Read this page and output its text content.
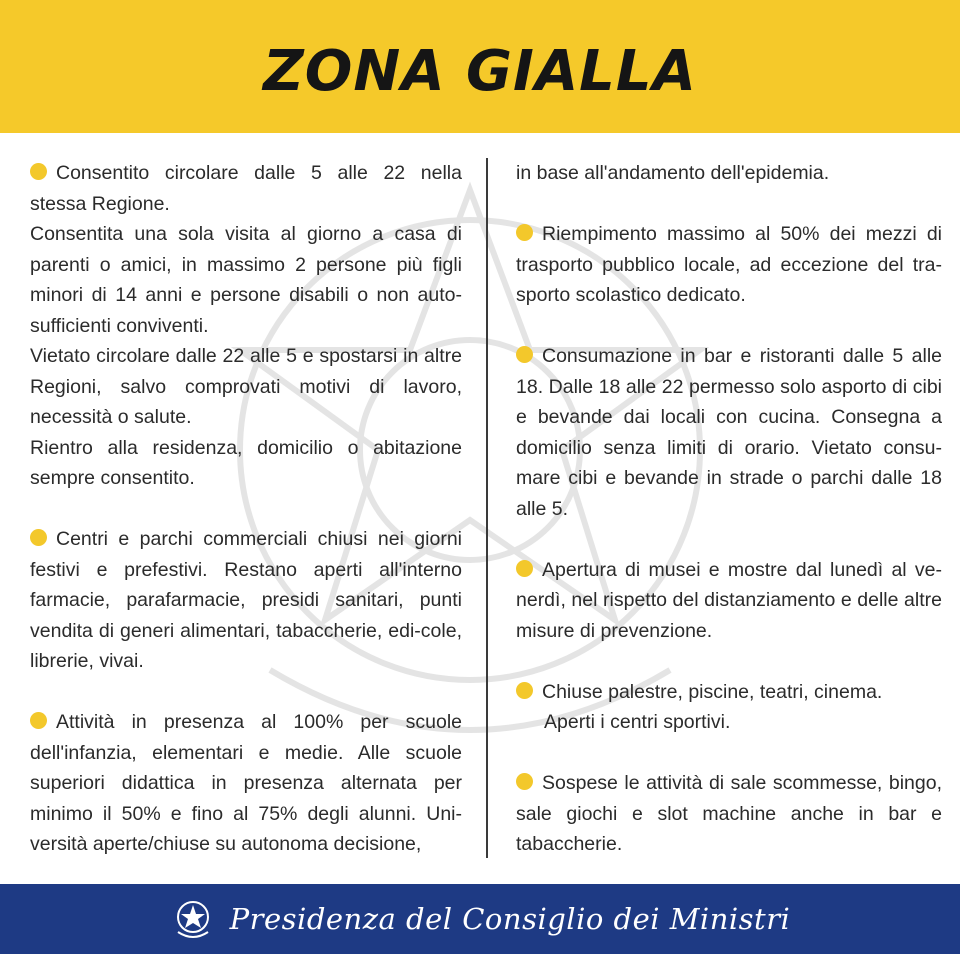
ZONA GIALLA

Consentito circolare dalle 5 alle 22 nella stessa Regione.
Consentita una sola visita al giorno a casa di parenti o amici, in massimo 2 persone più figli minori di 14 anni e persone disabili o non auto-sufficienti conviventi.
Vietato circolare dalle 22 alle 5 e spostarsi in altre Regioni, salvo comprovati motivi di lavoro, necessità o salute.
Rientro alla residenza, domicilio o abitazione sempre consentito.

Centri e parchi commerciali chiusi nei giorni festivi e prefestivi. Restano aperti all'interno farmacie, parafarmacie, presidi sanitari, punti vendita di generi alimentari, tabaccherie, edi-cole, librerie, vivai.

Attività in presenza al 100% per scuole dell'infanzia, elementari e medie. Alle scuole superiori didattica in presenza alternata per minimo il 50% e fino al 75% degli alunni. Uni-versità aperte/chiuse su autonoma decisione,

in base all'andamento dell'epidemia.

Riempimento massimo al 50% dei mezzi di trasporto pubblico locale, ad eccezione del tra-sporto scolastico dedicato.

Consumazione in bar e ristoranti dalle 5 alle 18. Dalle 18 alle 22 permesso solo asporto di cibi e bevande dai locali con cucina. Consegna a domicilio senza limiti di orario. Vietato consu-mare cibi e bevande in strade o parchi dalle 18 alle 5.

Apertura di musei e mostre dal lunedì al ve-nerdì, nel rispetto del distanziamento e delle altre misure di prevenzione.

Chiuse palestre, piscine, teatri, cinema.
Aperti i centri sportivi.

Sospese le attività di sale scommesse, bingo, sale giochi e slot machine anche in bar e tabaccherie.

Presidenza del Consiglio dei Ministri
